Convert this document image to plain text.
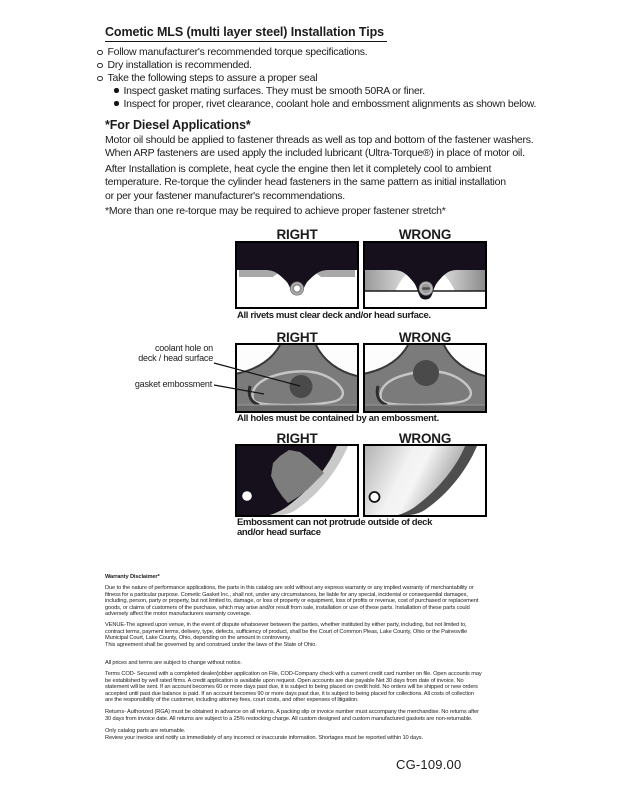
Cometic MLS (multi layer steel) Installation Tips
Follow manufacturer's recommended torque specifications.
Dry installation is recommended.
Take the following steps to assure a proper seal
Inspect gasket mating surfaces. They must be smooth 50RA or finer.
Inspect for proper, rivet clearance, coolant hole and embossment alignments as shown below.
*For Diesel Applications*
Motor oil should be applied to fastener threads as well as top and bottom of the fastener washers.
When ARP fasteners are used apply the included lubricant (Ultra-Torque®) in place of motor oil.
After Installation is complete, heat cycle the engine then let it completely cool to ambient
temperature. Re-torque the cylinder head fasteners in the same pattern as initial installation
or per your fastener manufacturer's recommendations.
*More than one re-torque may be required to achieve proper fastener stretch*
RIGHT	WRONG
All rivets must clear deck and/or head surface.
RIGHT	WRONG
All holes must be contained by an embossment.
coolant hole on
deck / head surface
gasket embossment
RIGHT	WRONG
Embossment can not protrude outside of deck
and/or head surface
Warranty Disclaimer*
Due to the nature of performance applications, the parts in this catalog are sold without any express warranty or any implied warranty of merchantability or
fitness for a particular purpose. Cometic Gasket Inc., shall not, under any circumstances, be liable for any special, incidental or consequential damages,
including, person, party or property, but not limited to, damage, or loss of property or equipment, loss of profits or revenue, cost of purchased or replacement
goods, or claims of customers of the purchase, which may arise and/or result from sale, installation or use of these parts. Installation of these parts could
adversely affect the motor manufacturers warranty coverage.
VENUE-The agreed upon venue, in the event of dispute whatsoever between the parties, whether instituted by either party, including, but not limited to,
contract terms, payment terms, delivery, type, defects, sufficiency of product, shall be the Court of Common Pleas, Lake County, Ohio or the Painesville
Municipal Court, Lake County, Ohio, depending on the amount in controversy.
This agreement shall be governed by and construed under the laws of the State of Ohio.
All prices and terms are subject to change without notice.
Terms COD- Secured with a completed dealer/jobber application on File, COD-Company check with a current credit card number on file. Open accounts may
be established by well rated firms. A credit application is available upon request. Open accounts are due payable Net 30 days from date of invoice. No
statement will be sent. If an account becomes 60 or more days past due, it is subject to being placed on credit hold. No orders will be shipped or new orders
accepted until past due balance is paid. If an account becomes 90 or more days past due, it is subject to being placed for collections. All costs of collection
are the responsibility of the customer, including attorney fees, court costs, and other expenses of litigation.
Returns- Authorized (RGA) must be obtained in advance on all returns. A packing slip or invoice number must accompany the merchandise. No returns after
30 days from invoice date. All returns are subject to a 25% restocking charge. All custom designed and custom manufactured gaskets are non-returnable.
Only catalog parts are returnable.
Review your invoice and notify us immediately of any incorrect or inaccurate information. Shortages must be reported within 10 days.
CG-109.00
